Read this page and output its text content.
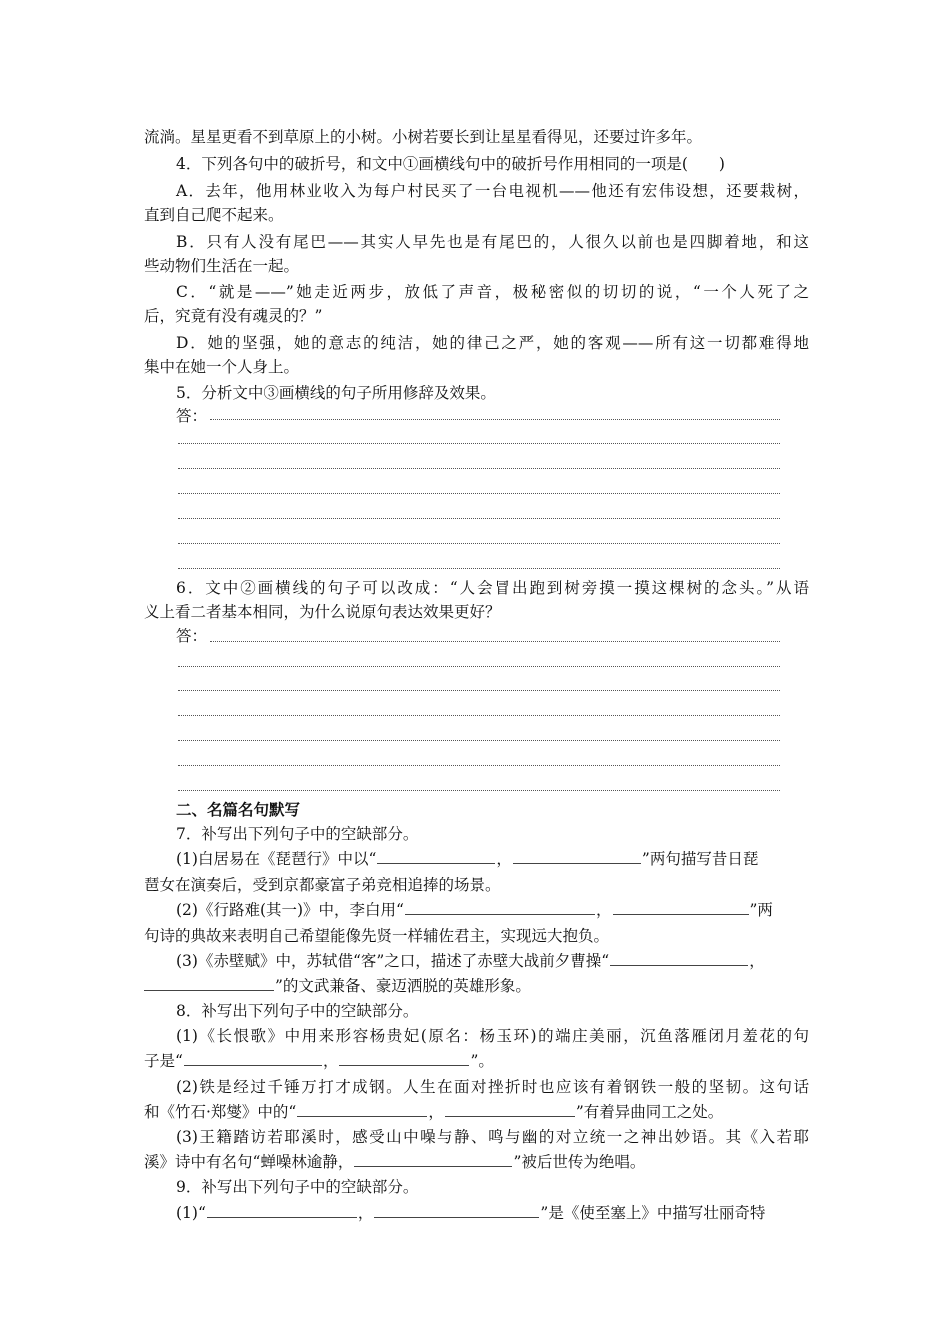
流淌。星星更看不到草原上的小树。小树若要长到让星星看得见，还要过许多年。
4．下列各句中的破折号，和文中①画横线句中的破折号作用相同的一项是(　　)
A．去年，他用林业收入为每户村民买了一台电视机——他还有宏伟设想，还要栽树，
直到自己爬不起来。
B．只有人没有尾巴——其实人早先也是有尾巴的，人很久以前也是四脚着地，和这
些动物们生活在一起。
C．“就是——”她走近两步，放低了声音，极秘密似的切切的说，“一个人死了之
后，究竟有没有魂灵的？”
D．她的坚强，她的意志的纯洁，她的律己之严，她的客观——所有这一切都难得地
集中在她一个人身上。
5．分析文中③画横线的句子所用修辞及效果。
答：
6．文中②画横线的句子可以改成：“人会冒出跑到树旁摸一摸这棵树的念头。”从语
义上看二者基本相同，为什么说原句表达效果更好？
答：
二、名篇名句默写
7．补写出下列句子中的空缺部分。
(1)白居易在《琵琶行》中以“	，	”两句描写昔日琵
琶女在演奏后，受到京都豪富子弟竞相追捧的场景。
(2)《行路难(其一)》中，李白用“	，	”两
句诗的典故来表明自己希望能像先贤一样辅佐君主，实现远大抱负。
(3)《赤壁赋》中，苏轼借“客”之口，描述了赤壁大战前夕曹操“	，
”的文武兼备、豪迈洒脱的英雄形象。
8．补写出下列句子中的空缺部分。
(1)《长恨歌》中用来形容杨贵妃(原名：杨玉环)的端庄美丽，沉鱼落雁闭月羞花的句
子是“	，	”。
(2)铁是经过千锤万打才成钢。人生在面对挫折时也应该有着钢铁一般的坚韧。这句话
和《竹石·郑燮》中的“	，	”有着异曲同工之处。
(3)王籍踏访若耶溪时，感受山中噪与静、鸣与幽的对立统一之神出妙语。其《入若耶
溪》诗中有名句“蝉噪林逾静，	”被后世传为绝唱。
9．补写出下列句子中的空缺部分。
(1)“	，	”是《使至塞上》中描写壮丽奇特
